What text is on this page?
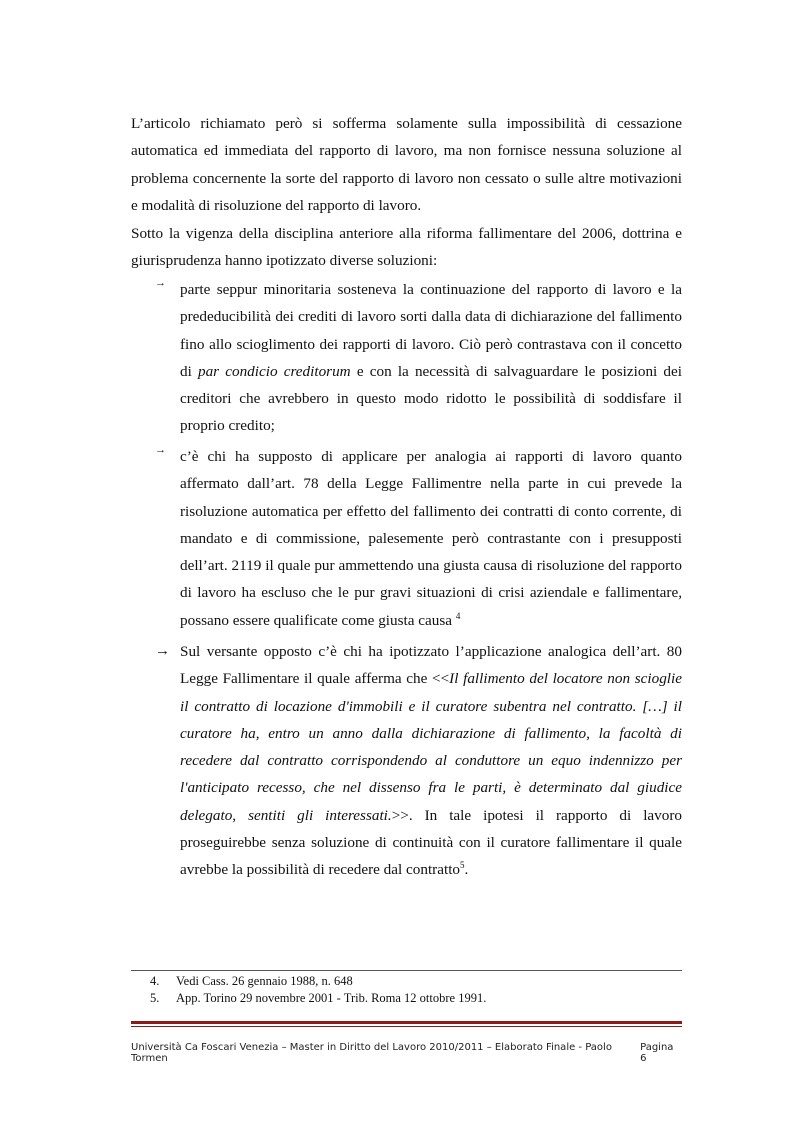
L’articolo richiamato però si sofferma solamente sulla impossibilità di cessazione automatica ed immediata del rapporto di lavoro, ma non fornisce nessuna soluzione al problema concernente la sorte del rapporto di lavoro non cessato o sulle altre motivazioni e modalità di risoluzione del rapporto di lavoro.

Sotto la vigenza della disciplina anteriore alla riforma fallimentare del 2006, dottrina e giurisprudenza hanno ipotizzato diverse soluzioni:

→ parte seppur minoritaria sosteneva la continuazione del rapporto di lavoro e la prededucibilità dei crediti di lavoro sorti dalla data di dichiarazione del fallimento fino allo scioglimento dei rapporti di lavoro. Ciò però contrastava con il concetto di par condicio creditorum e con la necessità di salvaguardare le posizioni dei creditori che avrebbero in questo modo ridotto le possibilità di soddisfare il proprio credito;
→ c’è chi ha supposto di applicare per analogia ai rapporti di lavoro quanto affermato dall’art. 78 della Legge Fallimentre nella parte in cui prevede la risoluzione automatica per effetto del fallimento dei contratti di conto corrente, di mandato e di commissione, palesemente però contrastante con i presupposti dell’art. 2119 il quale pur ammettendo una giusta causa di risoluzione del rapporto di lavoro ha escluso che le pur gravi situazioni di crisi aziendale e fallimentare, possano essere qualificate come giusta causa $^4$
→ Sul versante opposto c’è chi ha ipotizzato l’applicazione analogica dell’art. 80 Legge Fallimentare il quale afferma che <<Il fallimento del locatore non scioglie il contratto di locazione d'immobili e il curatore subentra nel contratto. […] il curatore ha, entro un anno dalla dichiarazione di fallimento, la facoltà di recedere dal contratto corrispondendo al conduttore un equo indennizzo per l'anticipato recesso, che nel dissenso fra le parti, è determinato dal giudice delegato, sentiti gli interessati.>>. In tale ipotesi il rapporto di lavoro proseguirebbe senza soluzione di continuità con il curatore fallimentare il quale avrebbe la possibilità di recedere dal contratto$^5$.
4.	Vedi Cass. 26 gennaio 1988, n. 648
5.	App. Torino 29 novembre 2001 - Trib. Roma 12 ottobre 1991.
Università Ca Foscari Venezia – Master in Diritto del Lavoro 2010/2011 – Elaborato Finale - Paolo Tormen
Pagina 6
